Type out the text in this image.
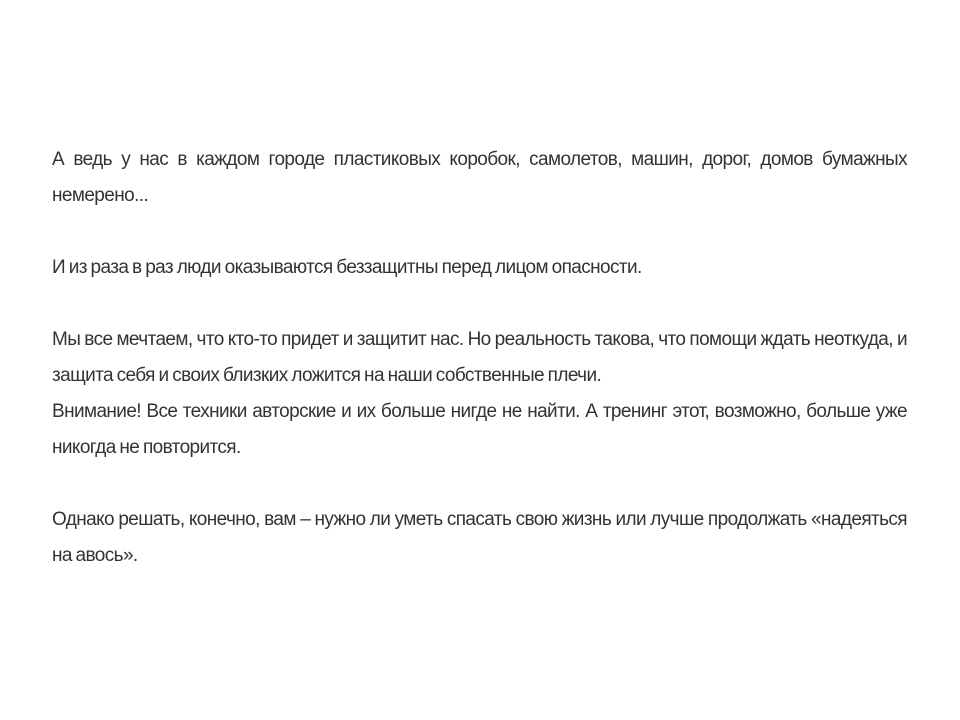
А ведь у нас в каждом городе пластиковых коробок, самолетов, машин, дорог, домов бумажных немерено...

И из раза в раз люди оказываются беззащитны перед лицом опасности.

Мы все мечтаем, что кто-то придет и защитит нас. Но реальность такова, что помощи ждать неоткуда, и защита себя и своих близких ложится на наши собственные плечи.

Внимание! Все техники авторские и их больше нигде не найти. А тренинг этот, возможно, больше уже никогда не повторится.

Однако решать, конечно, вам – нужно ли уметь спасать свою жизнь или лучше продолжать «надеяться на авось».
